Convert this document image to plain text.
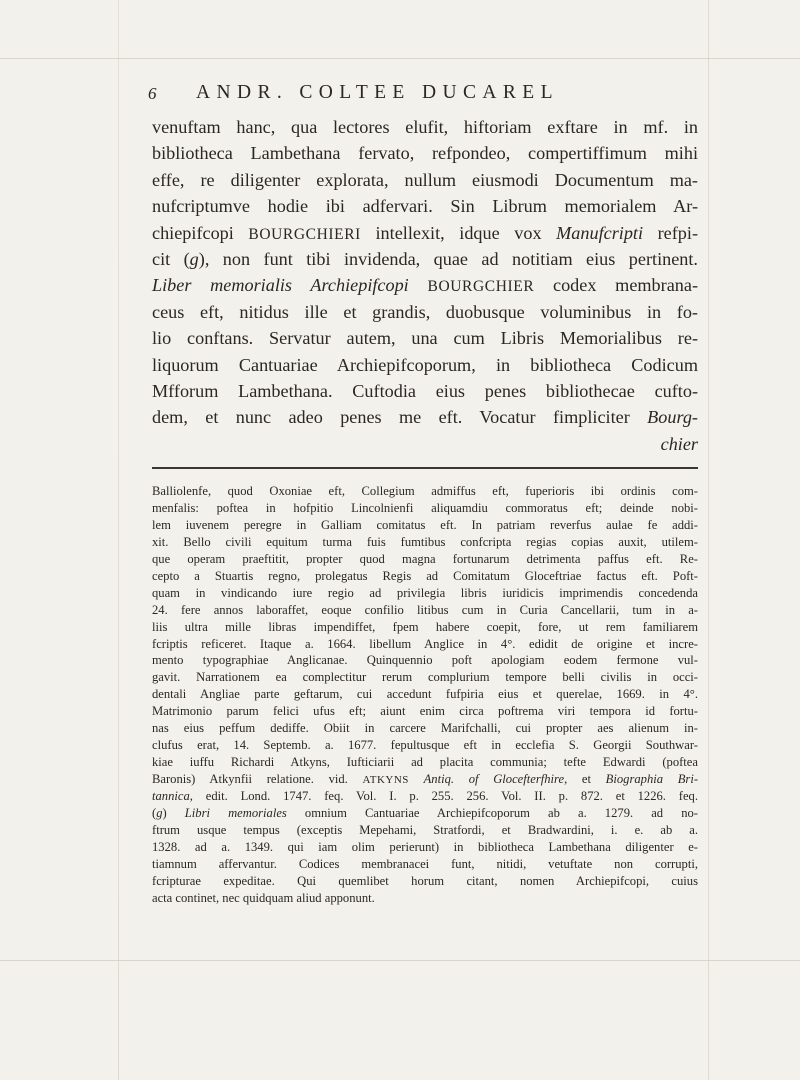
6 ANDR. COLTEE DUCAREL
venuftam hanc, qua lectores elufit, hiftoriam exftare in mf. in
bibliotheca Lambethana fervato, refpondeo, compertiffimum mihi
effe, re diligenter explorata, nullum eiusmodi Documentum ma-
nufcriptumve hodie ibi adfervari. Sin Librum memorialem Ar-
chiepifcopi BOURGCHIERI intellexit, idque vox Manufcripti refpi-
cit (g), non funt tibi invidenda, quae ad notitiam eius pertinent.
Liber memorialis Archiepifcopi BOURGCHIER codex membrana-
ceus eft, nitidus ille et grandis, duobusque voluminibus in fo-
lio conftans. Servatur autem, una cum Libris Memorialibus re-
liquorum Cantuariae Archiepifcoporum, in bibliotheca Codicum
Mfforum Lambethana. Cuftodia eius penes bibliothecae cufto-
dem, et nunc adeo penes me eft. Vocatur fimpliciter Bourg-
chier
Balliolenfe, quod Oxoniae eft, Collegium admiffus eft, fuperioris ibi ordinis com-
menfalis: poftea in hofpitio Lincolnienfi aliquamdiu commoratus eft; deinde nobi-
lem iuvenem peregre in Galliam comitatus eft. In patriam reverfus aulae fe addi-
xit. Bello civili equitum turma fuis fumtibus confcripta regias copias auxit, utilem-
que operam praeftitit, propter quod magna fortunarum detrimenta paffus eft. Re-
cepto a Stuartis regno, prolegatus Regis ad Comitatum Gloceftriae factus eft. Poft-
quam in vindicando iure regio ad privilegia libris iuridicis imprimendis concedenda
24. fere annos laboraffet, eoque confilio litibus cum in Curia Cancellarii, tum in a-
liis ultra mille libras impendiffet, fpem habere coepit, fore, ut rem familiarem
fcriptis reficeret. Itaque a. 1664. libellum Anglice in 4°. edidit de origine et incre-
mento typographiae Anglicanae. Quinquennio poft apologiam eodem fermone vul-
gavit. Narrationem ea complectitur rerum complurium tempore belli civilis in occi-
dentali Angliae parte geftarum, cui accedunt fufpiria eius et querelae, 1669. in 4°.
Matrimonio parum felici ufus eft; aiunt enim circa poftrema viri tempora id fortu-
nas eius peffum dediffe. Obiit in carcere Marifchalli, cui propter aes alienum in-
clufus erat, 14. Septemb. a. 1677. fepultusque eft in ecclefia S. Georgii Southwar-
kiae iuffu Richardi Atkyns, Iufticiarii ad placita communia; tefte Edwardi (poftea
Baronis) Atkynfii relatione. vid. ATKYNS Antiq. of Glocefterfhire, et Biographia Bri-
tannica, edit. Lond. 1747. feq. Vol. I. p. 255. 256. Vol. II. p. 872. et 1226. feq.
(g) Libri memoriales omnium Cantuariae Archiepifcoporum ab a. 1279. ad no-
ftrum usque tempus (exceptis Mepehami, Stratfordi, et Bradwardini, i. e. ab a.
1328. ad a. 1349. qui iam olim perierunt) in bibliotheca Lambethana diligenter e-
tiamnum affervantur. Codices membranacei funt, nitidi, vetuftate non corrupti,
fcripturae expeditae. Qui quemlibet horum citant, nomen Archiepifcopi, cuius
acta continet, nec quidquam aliud apponunt.
